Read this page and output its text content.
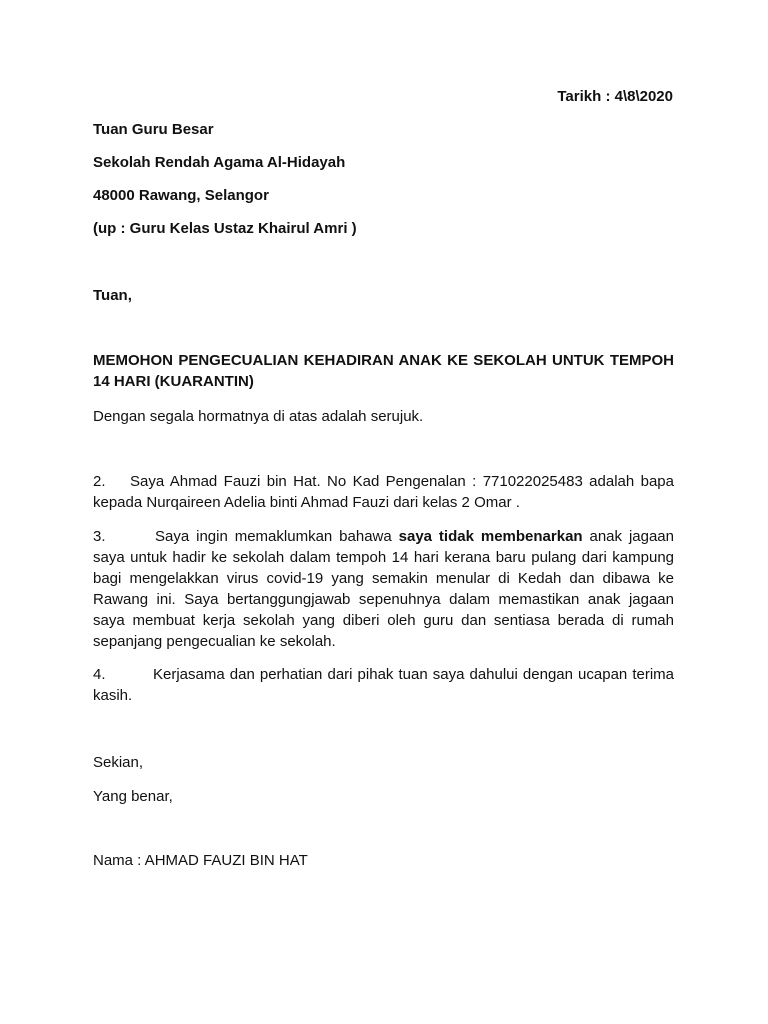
Tarikh : 4\8\2020
Tuan Guru Besar
Sekolah Rendah Agama Al-Hidayah
48000 Rawang, Selangor
(up : Guru Kelas Ustaz Khairul Amri )
Tuan,
MEMOHON PENGECUALIAN KEHADIRAN ANAK KE SEKOLAH UNTUK TEMPOH 14 HARI (KUARANTIN)
Dengan segala hormatnya di atas adalah serujuk.
2. Saya Ahmad Fauzi bin Hat. No Kad Pengenalan : 771022025483 adalah bapa kepada Nurqaireen Adelia binti Ahmad Fauzi dari kelas 2 Omar .
3.	Saya ingin memaklumkan bahawa saya tidak membenarkan anak jagaan saya untuk hadir ke sekolah dalam tempoh 14 hari kerana baru pulang dari kampung bagi mengelakkan virus covid-19 yang semakin menular di Kedah dan dibawa ke Rawang ini. Saya bertanggungjawab sepenuhnya dalam memastikan anak jagaan saya membuat kerja sekolah yang diberi oleh guru dan sentiasa berada di rumah sepanjang pengecualian ke sekolah.
4.	Kerjasama dan perhatian dari pihak tuan saya dahului dengan ucapan terima kasih.
Sekian,
Yang benar,
Nama : AHMAD FAUZI BIN HAT
